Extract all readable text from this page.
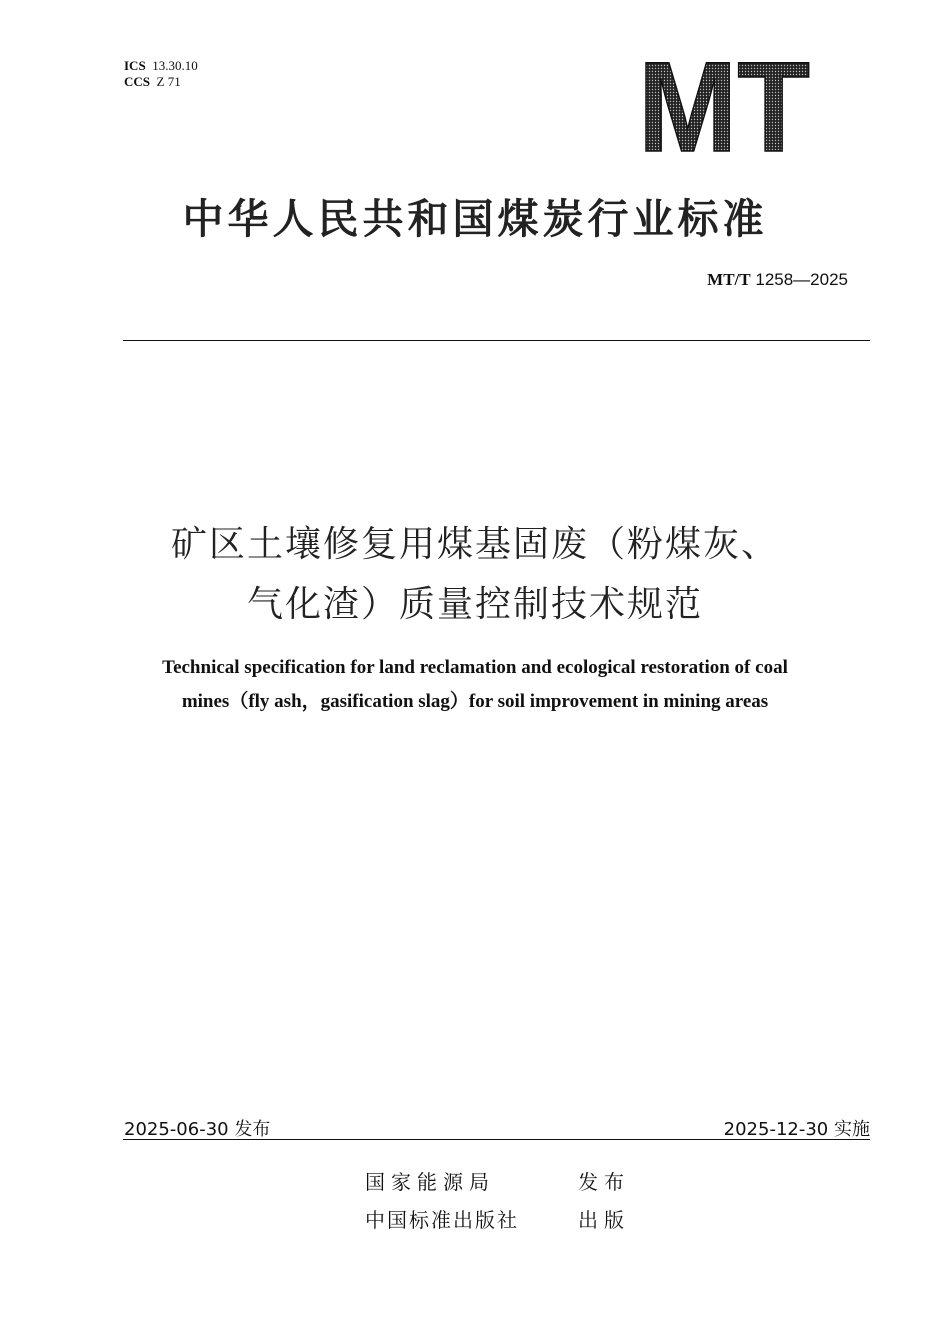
ICS 13.30.10
CCS Z 71	MT
中华人民共和国煤炭行业标准
MT/T 1258—2025
矿区土壤修复用煤基固废（粉煤灰、
气化渣）质量控制技术规范
Technical specification for land reclamation and ecological restoration of coal
mines（fly ash，gasification slag）for soil improvement in mining areas
2025-06-30 发布	2025-12-30 实施
国家能源局	发布
中国标准出版社	出版
